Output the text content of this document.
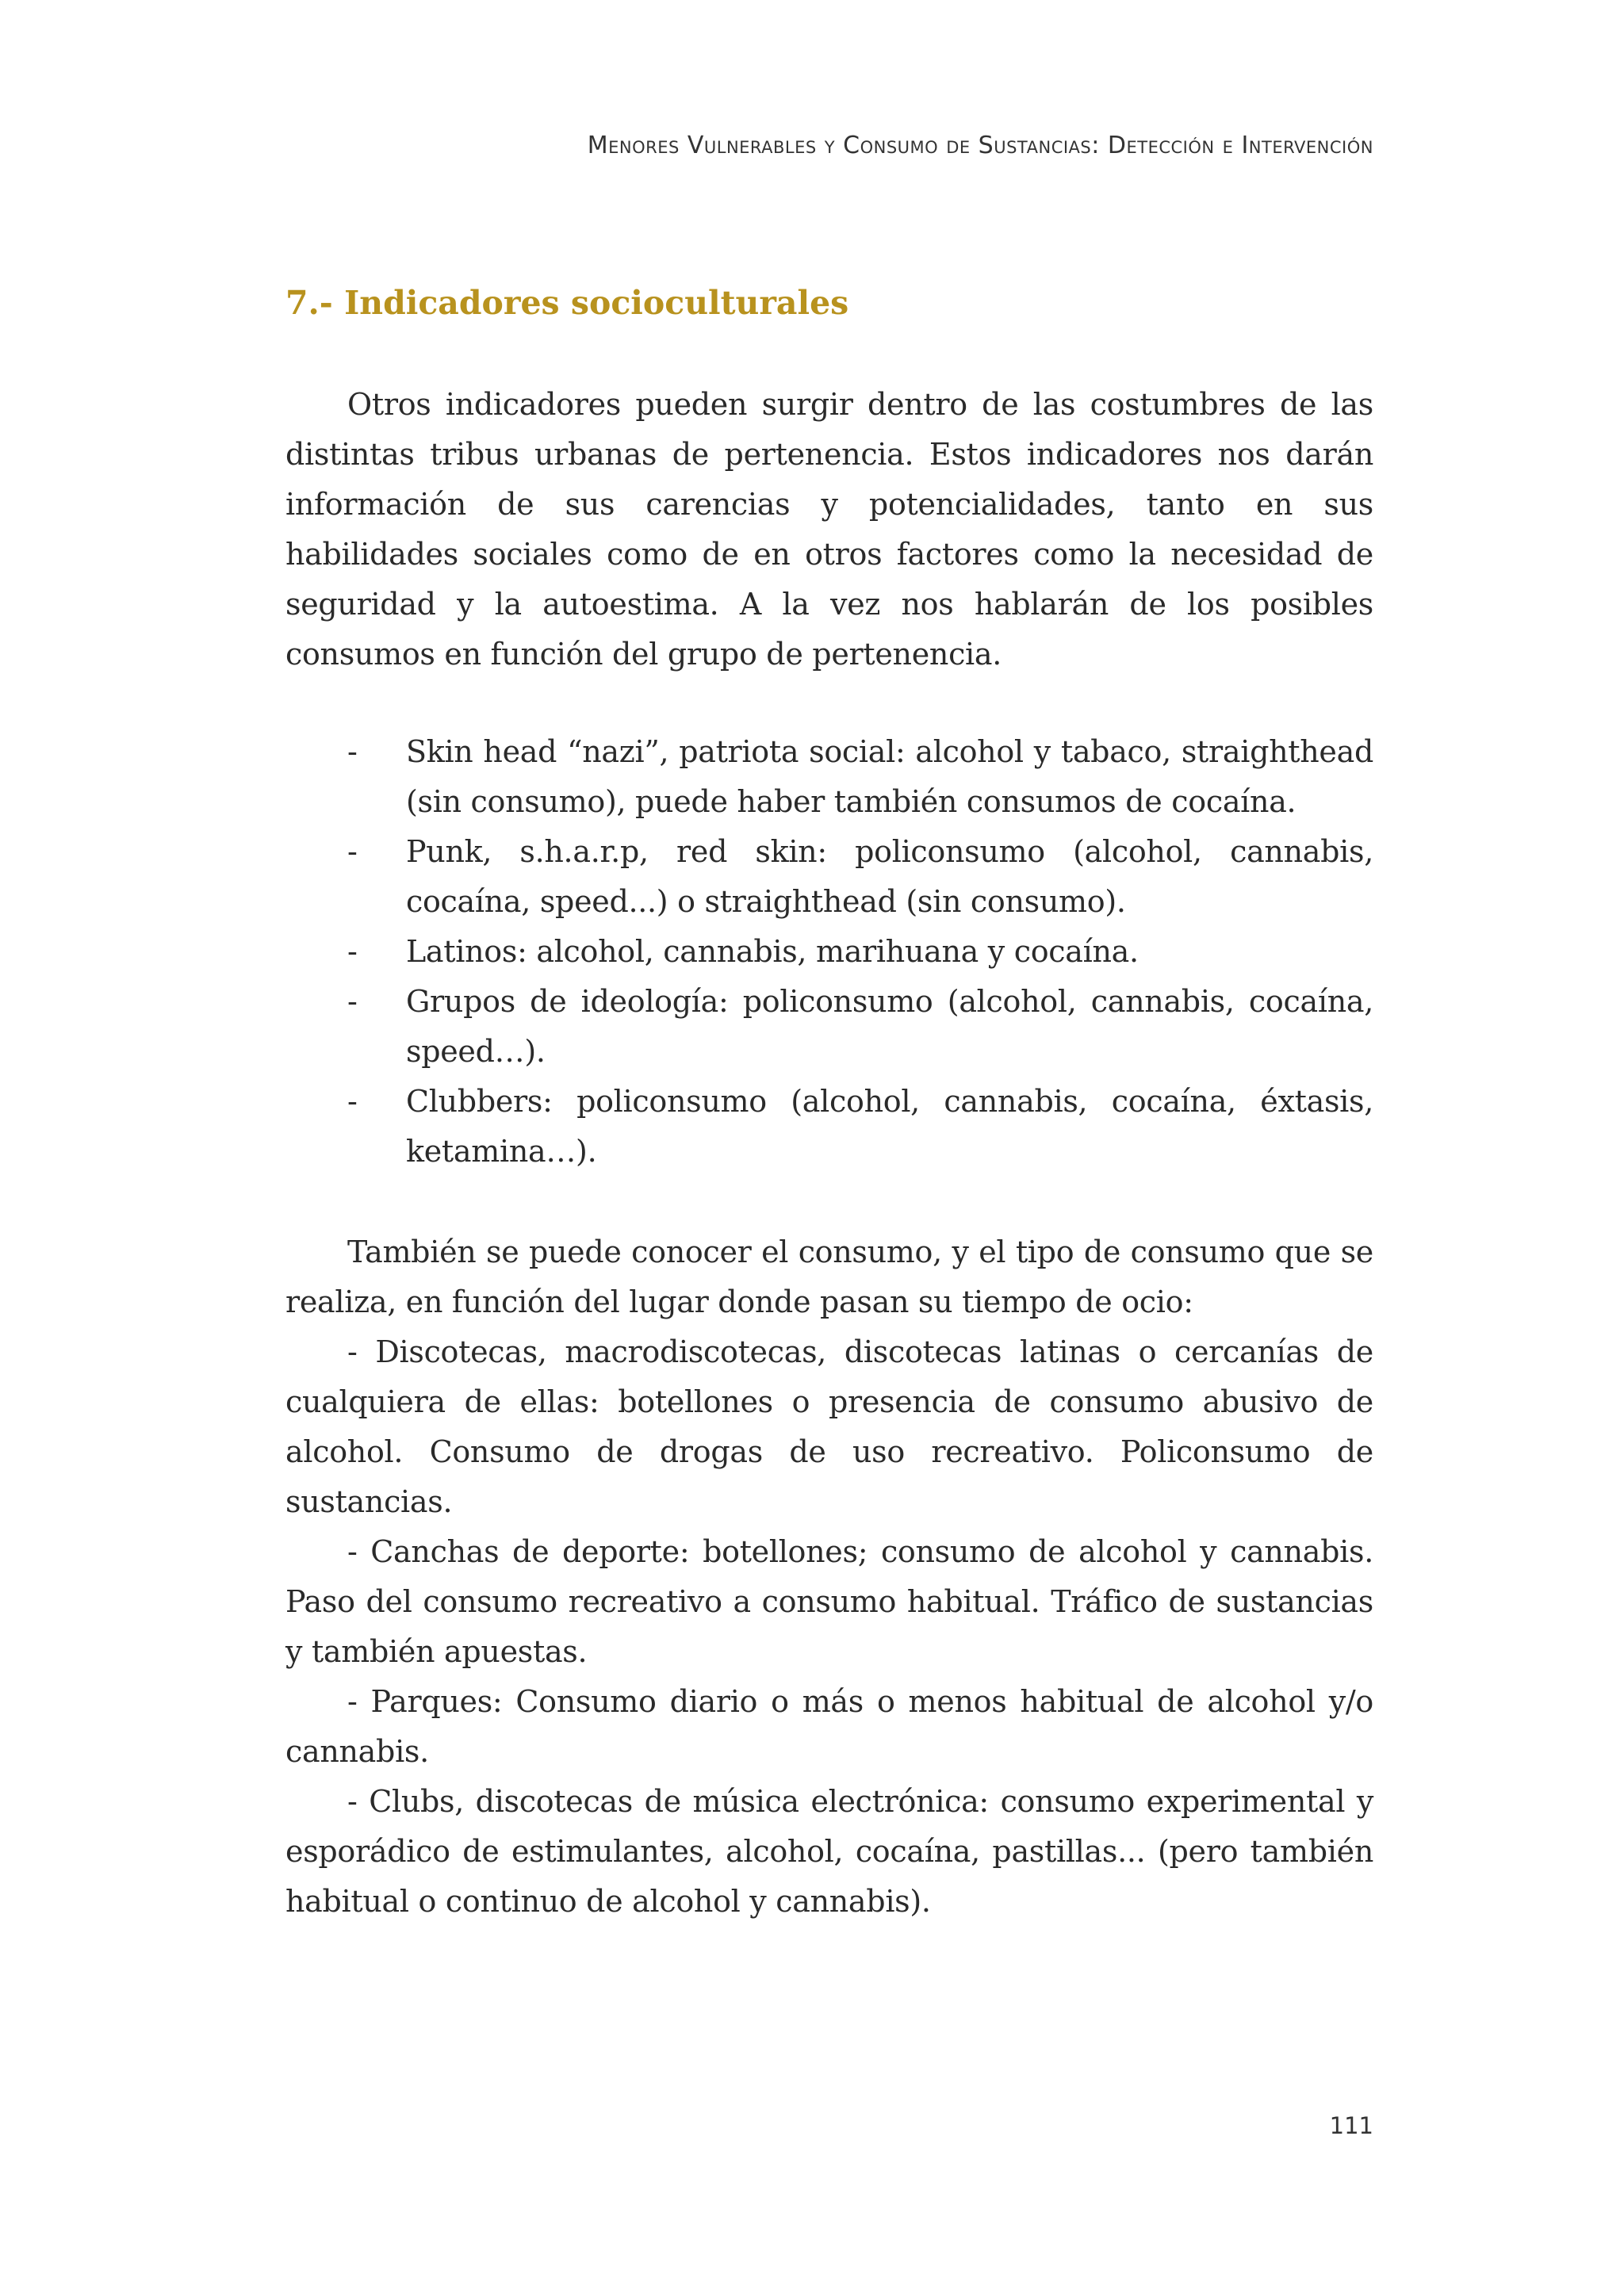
Menores Vulnerables y Consumo de Sustancias: Detección e Intervención
7.- Indicadores socioculturales

Otros indicadores pueden surgir dentro de las costumbres de las distintas tribus urbanas de pertenencia. Estos indicadores nos darán información de sus carencias y potencialidades, tanto en sus habilidades sociales como de en otros factores como la necesidad de seguridad y la autoestima. A la vez nos hablarán de los posibles consumos en función del grupo de pertenencia.

- Skin head “nazi”, patriota social: alcohol y tabaco, straighthead (sin consumo), puede haber también consumos de cocaína.
- Punk, s.h.a.r.p, red skin: policonsumo (alcohol, cannabis, cocaína, speed...) o straighthead (sin consumo).
- Latinos: alcohol, cannabis, marihuana y cocaína.
- Grupos de ideología: policonsumo (alcohol, cannabis, cocaína, speed…).
- Clubbers: policonsumo (alcohol, cannabis, cocaína, éxtasis, ketamina…).

También se puede conocer el consumo, y el tipo de consumo que se realiza, en función del lugar donde pasan su tiempo de ocio:

- Discotecas, macrodiscotecas, discotecas latinas o cercanías de cualquiera de ellas: botellones o presencia de consumo abusivo de alcohol. Consumo de drogas de uso recreativo. Policonsumo de sustancias.

- Canchas de deporte: botellones; consumo de alcohol y cannabis. Paso del consumo recreativo a consumo habitual. Tráfico de sustancias y también apuestas.

- Parques: Consumo diario o más o menos habitual de alcohol y/o cannabis.

- Clubs, discotecas de música electrónica: consumo experimental y esporádico de estimulantes, alcohol, cocaína, pastillas... (pero también habitual o continuo de alcohol y cannabis).

111
